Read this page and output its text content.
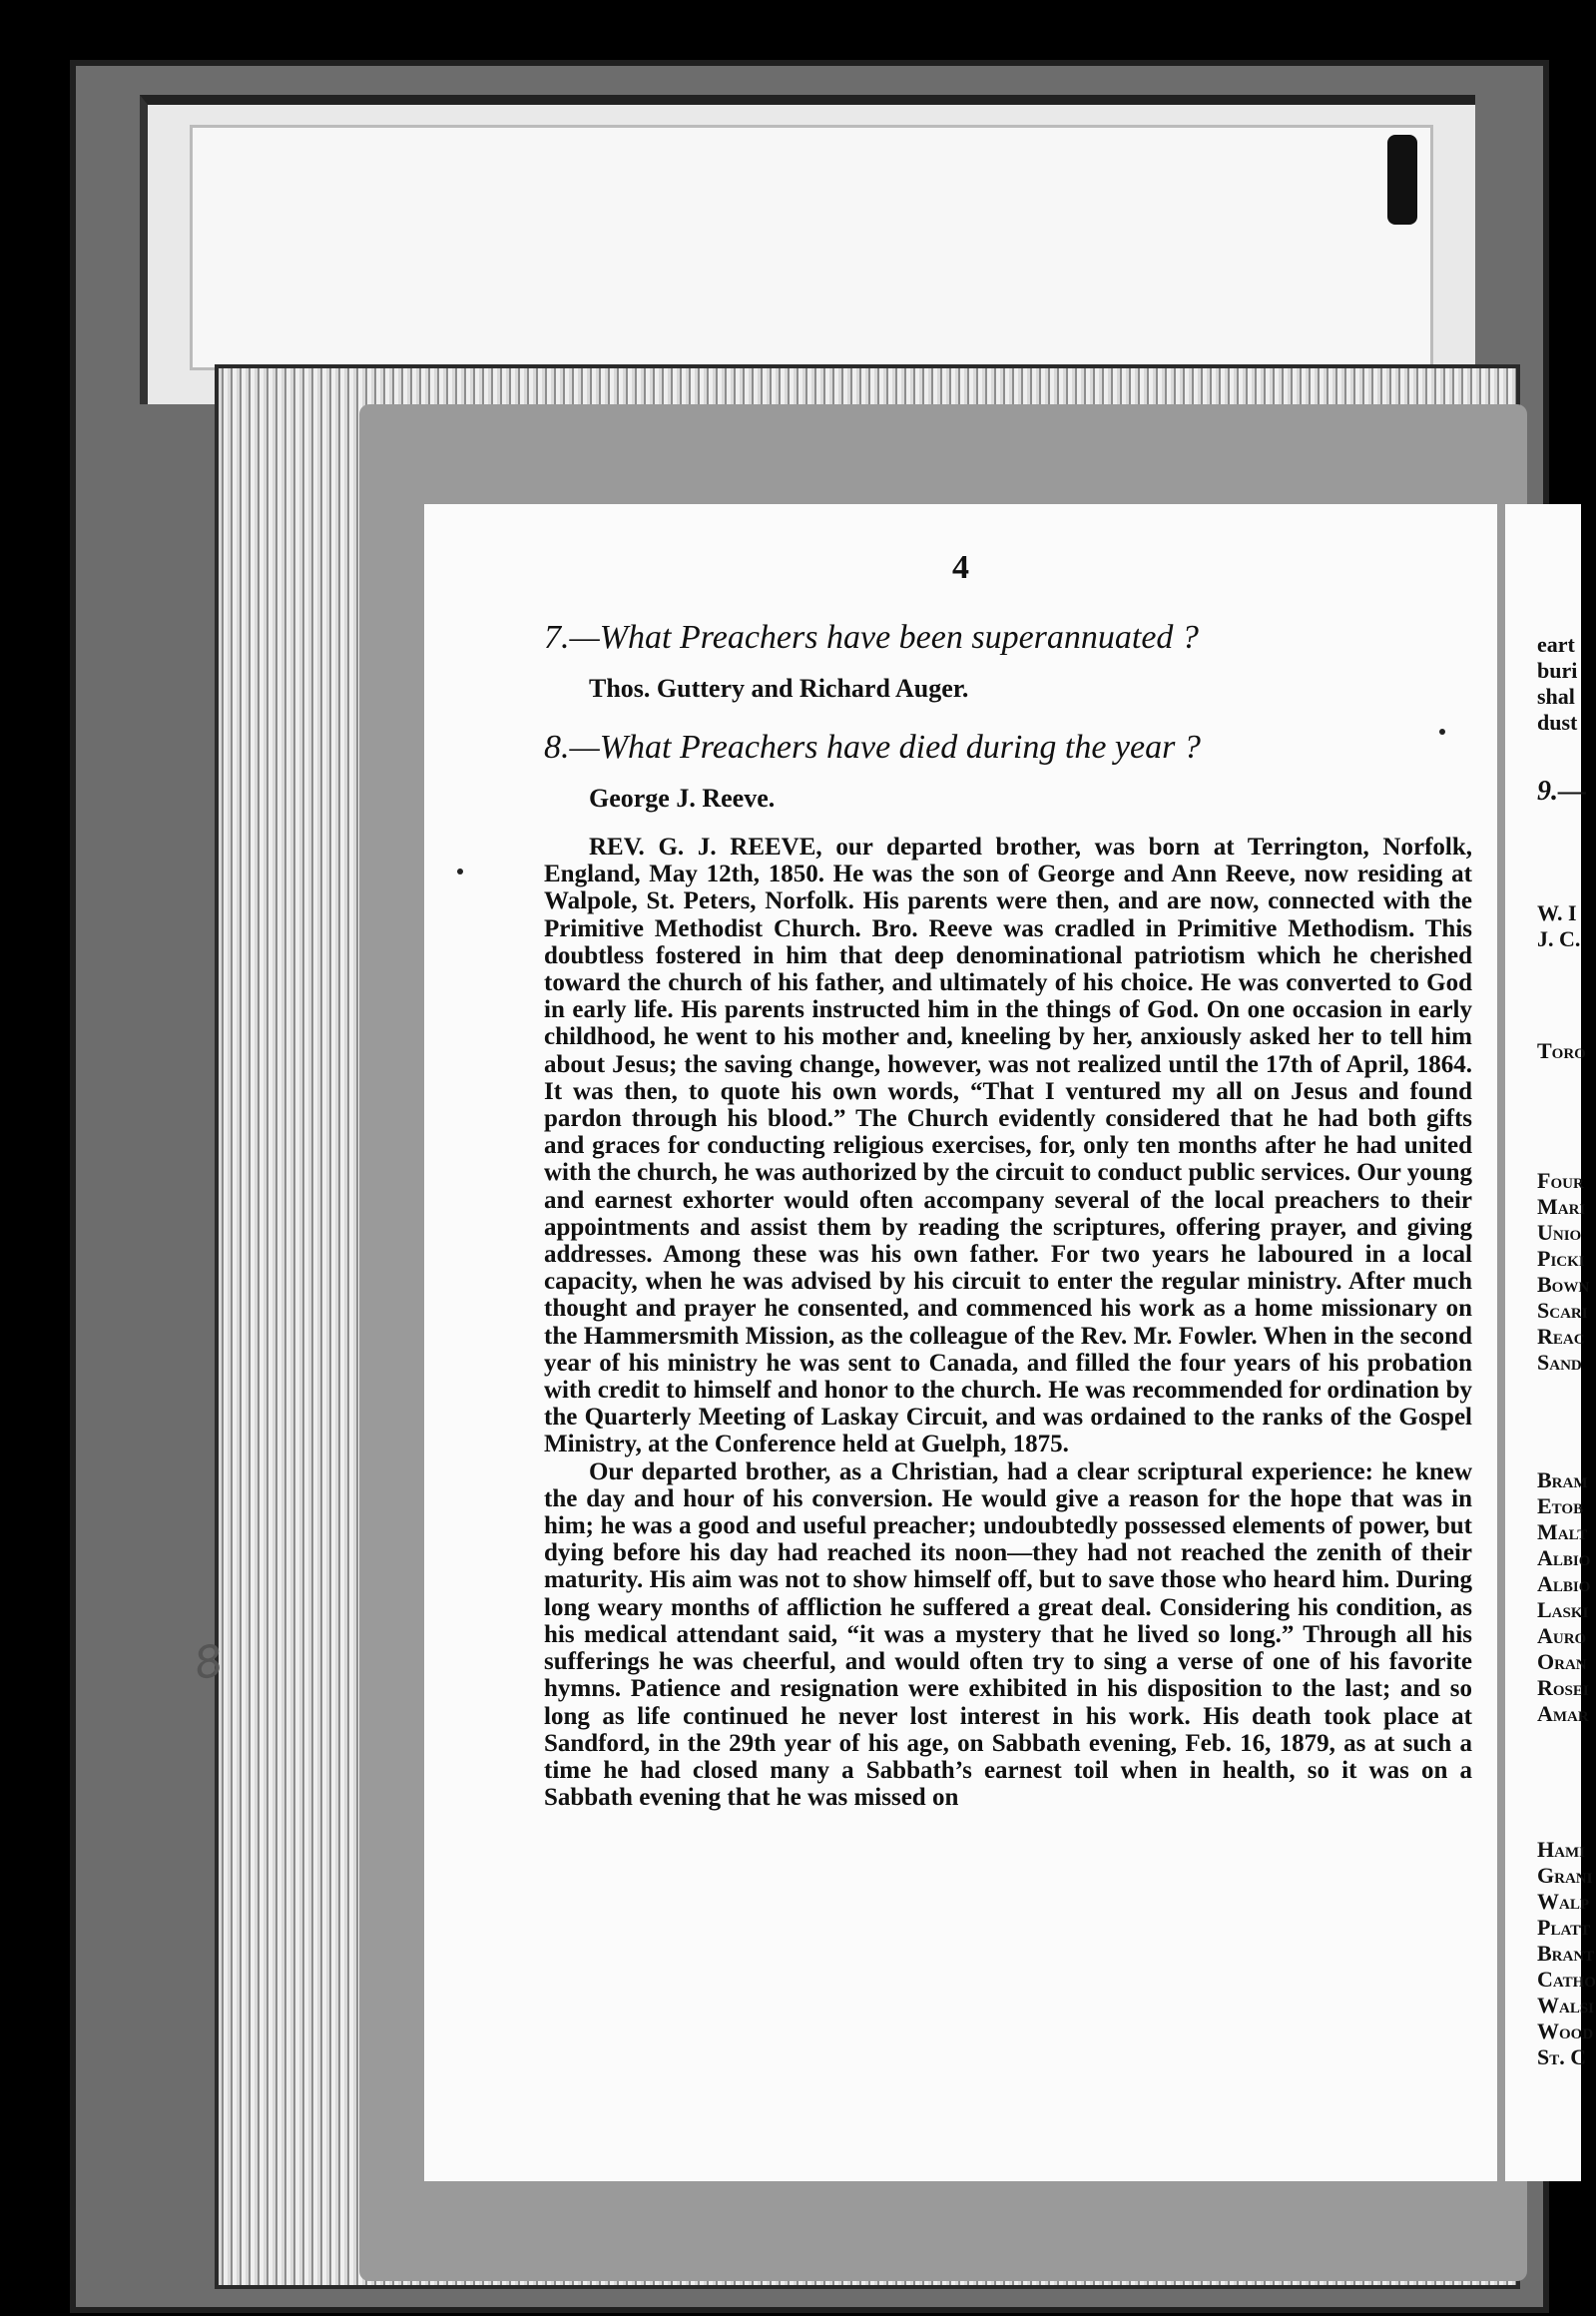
4
7.—What Preachers have been superannuated ?
Thos. Guttery and Richard Auger.
8.—What Preachers have died during the year ?
George J. Reeve.

REV. G. J. REEVE, our departed brother, was born at Terrington, Norfolk, England, May 12th, 1850. He was the son of George and Ann Reeve, now residing at Walpole, St. Peters, Norfolk. His parents were then, and are now, connected with the Primitive Methodist Church. Bro. Reeve was cradled in Primitive Methodism. This doubtless fostered in him that deep denominational patriotism which he cherished toward the church of his father, and ultimately of his choice. He was converted to God in early life. His parents instructed him in the things of God. On one occasion in early childhood, he went to his mother and, kneeling by her, anxiously asked her to tell him about Jesus; the saving change, however, was not realized until the 17th of April, 1864. It was then, to quote his own words, “That I ventured my all on Jesus and found pardon through his blood.” The Church evidently considered that he had both gifts and graces for conducting religious exercises, for, only ten months after he had united with the church, he was authorized by the circuit to conduct public services. Our young and earnest exhorter would often accompany several of the local preachers to their appointments and assist them by reading the scriptures, offering prayer, and giving addresses. Among these was his own father. For two years he laboured in a local capacity, when he was advised by his circuit to enter the regular ministry. After much thought and prayer he consented, and commenced his work as a home missionary on the Hammersmith Mission, as the colleague of the Rev. Mr. Fowler. When in the second year of his ministry he was sent to Canada, and filled the four years of his probation with credit to himself and honor to the church. He was recommended for ordination by the Quarterly Meeting of Laskay Circuit, and was ordained to the ranks of the Gospel Ministry, at the Conference held at Guelph, 1875.

Our departed brother, as a Christian, had a clear scriptural experience: he knew the day and hour of his conversion. He would give a reason for the hope that was in him; he was a good and useful preacher; undoubtedly possessed elements of power, but dying before his day had reached its noon—they had not reached the zenith of their maturity. His aim was not to show himself off, but to save those who heard him. During long weary months of affliction he suffered a great deal. Considering his condition, as his medical attendant said, “it was a mystery that he lived so long.” Through all his sufferings he was cheerful, and would often try to sing a verse of one of his favorite hymns. Patience and resignation were exhibited in his disposition to the last; and so long as life continued he never lost interest in his work. His death took place at Sandford, in the 29th year of his age, on Sabbath evening, Feb. 16, 1879, as at such a time he had closed many a Sabbath’s earnest toil when in health, so it was on a Sabbath evening that he was missed on

eart
buri
shal
dust
9.—
W. I
J. C.
Toro
Four
Mari
Unio
Picki
Bown
Scari
Reac
Sand
Bram
Etob
Malt
Albio
Albio
Laski
Auro
Oran
Rosei
Amar
Hami
Grani
Walp
Platt
Brant
Catho
Walsi
Wood
St. C
8
